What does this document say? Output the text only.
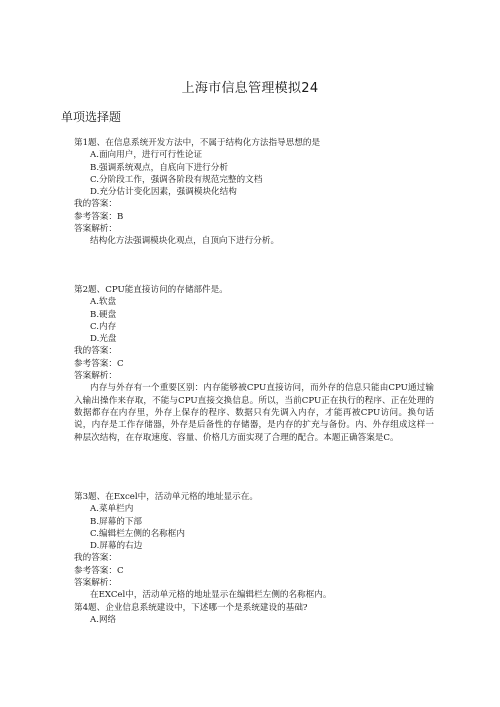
上海市信息管理模拟24
单项选择题
第1题、在信息系统开发方法中，不属于结构化方法指导思想的是
A.面向用户，进行可行性论证
B.强调系统观点，自底向下进行分析
C.分阶段工作，强调各阶段有规范完整的文档
D.充分估计变化因素，强调模块化结构
我的答案：
参考答案：B
答案解析：
结构化方法强调模块化观点，自顶向下进行分析。
第2题、CPU能直接访问的存储部件是。
A.软盘
B.硬盘
C.内存
D.光盘
我的答案：
参考答案：C
答案解析：
内存与外存有一个重要区别：内存能够被CPU直接访问，而外存的信息只能由CPU通过输入输出操作来存取，不能与CPU直接交换信息。所以，当前CPU正在执行的程序、正在处理的数据都存在内存里，外存上保存的程序、数据只有先调入内存，才能再被CPU访问。换句话说，内存是工作存储器，外存是后备性的存储器，是内存的扩充与备份。内、外存组成这样一种层次结构，在存取速度、容量、价格几方面实现了合理的配合。本题正确答案是C。
第3题、在Excel中，活动单元格的地址显示在。
A.菜单栏内
B.屏幕的下部
C.编辑栏左侧的名称框内
D.屏幕的右边
我的答案：
参考答案：C
答案解析：
在EXCel中，活动单元格的地址显示在编辑栏左侧的名称框内。
第4题、企业信息系统建设中，下述哪一个是系统建设的基础?
A.网络
